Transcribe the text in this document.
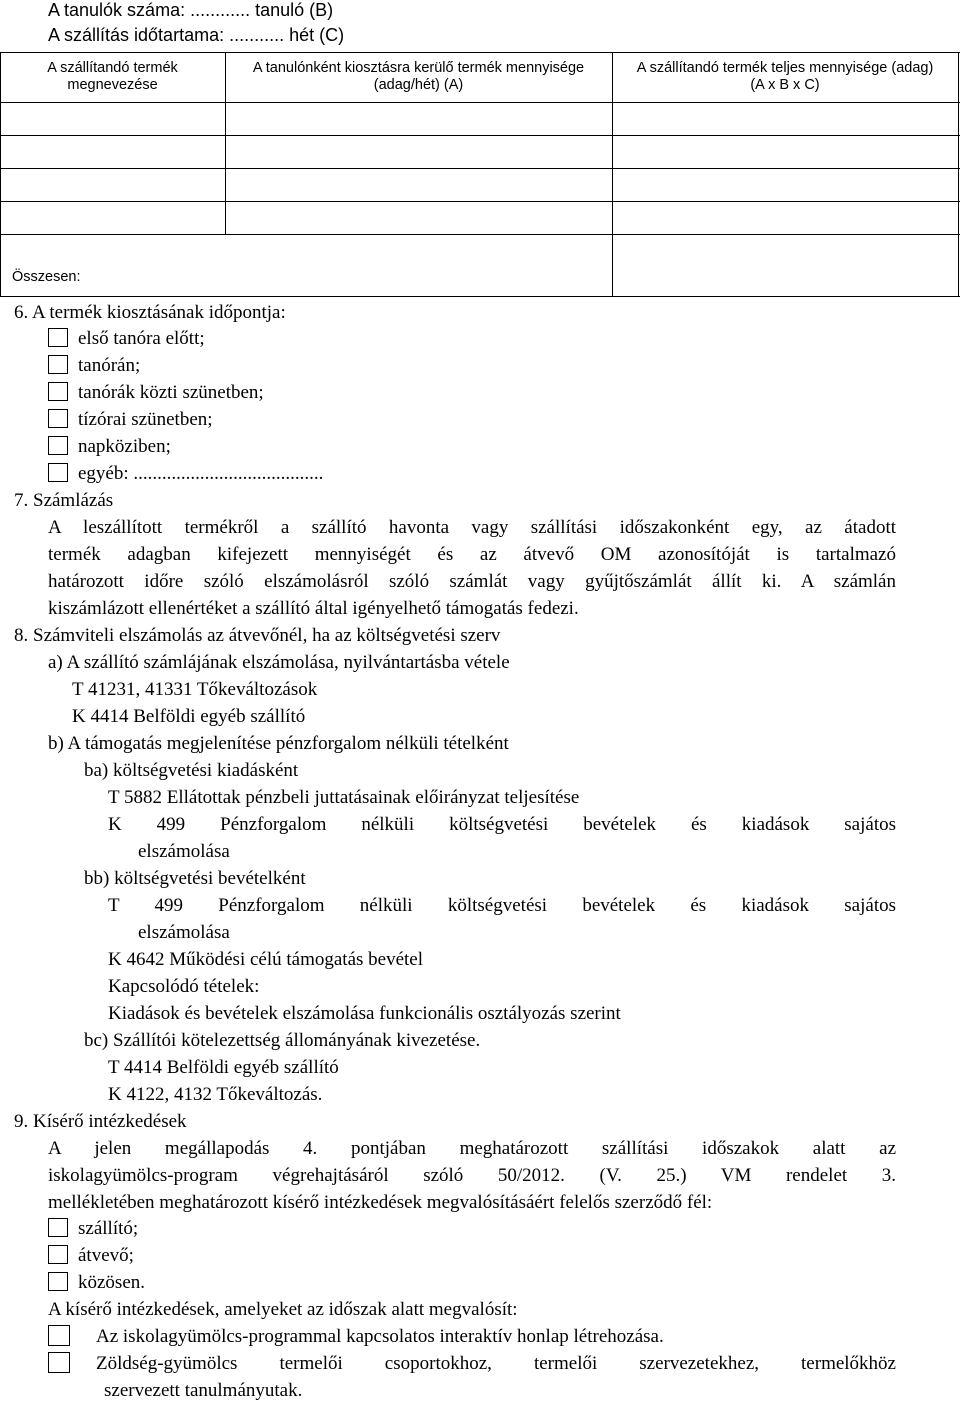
A tanulók száma: ............ tanuló (B)
A szállítás időtartama: ........... hét (C)
A szállítandó termék
megnevezése
A tanulónként kiosztásra kerülő termék mennyisége
(adag/hét) (A)
A szállítandó termék teljes mennyisége (adag)
(A x B x C)
Összesen:
6. A termék kiosztásának időpontja:
első tanóra előtt;
tanórán;
tanórák közti szünetben;
tízórai szünetben;
napköziben;
egyéb: ........................................
7. Számlázás
A leszállított termékről a szállító havonta vagy szállítási időszakonként egy, az átadott
termék adagban kifejezett mennyiségét és az átvevő OM azonosítóját is tartalmazó
határozott időre szóló elszámolásról szóló számlát vagy gyűjtőszámlát állít ki. A számlán
kiszámlázott ellenértéket a szállító által igényelhető támogatás fedezi.
8. Számviteli elszámolás az átvevőnél, ha az költségvetési szerv
a) A szállító számlájának elszámolása, nyilvántartásba vétele
T 41231, 41331 Tőkeváltozások
K 4414 Belföldi egyéb szállító
b) A támogatás megjelenítése pénzforgalom nélküli tételként
ba) költségvetési kiadásként
T 5882 Ellátottak pénzbeli juttatásainak előirányzat teljesítése
K 499 Pénzforgalom nélküli költségvetési bevételek és kiadások sajátos
elszámolása
bb) költségvetési bevételként
T 499 Pénzforgalom nélküli költségvetési bevételek és kiadások sajátos
elszámolása
K 4642 Működési célú támogatás bevétel
Kapcsolódó tételek:
Kiadások és bevételek elszámolása funkcionális osztályozás szerint
bc) Szállítói kötelezettség állományának kivezetése.
T 4414 Belföldi egyéb szállító
K 4122, 4132 Tőkeváltozás.
9. Kísérő intézkedések
A jelen megállapodás 4. pontjában meghatározott szállítási időszakok alatt az
iskolagyümölcs-program végrehajtásáról szóló 50/2012. (V. 25.) VM rendelet 3.
mellékletében meghatározott kísérő intézkedések megvalósításáért felelős szerződő fél:
szállító;
átvevő;
közösen.
A kísérő intézkedések, amelyeket az időszak alatt megvalósít:
Az iskolagyümölcs-programmal kapcsolatos interaktív honlap létrehozása.
Zöldség-gyümölcs termelői csoportokhoz, termelői szervezetekhez, termelőkhöz
szervezett tanulmányutak.
